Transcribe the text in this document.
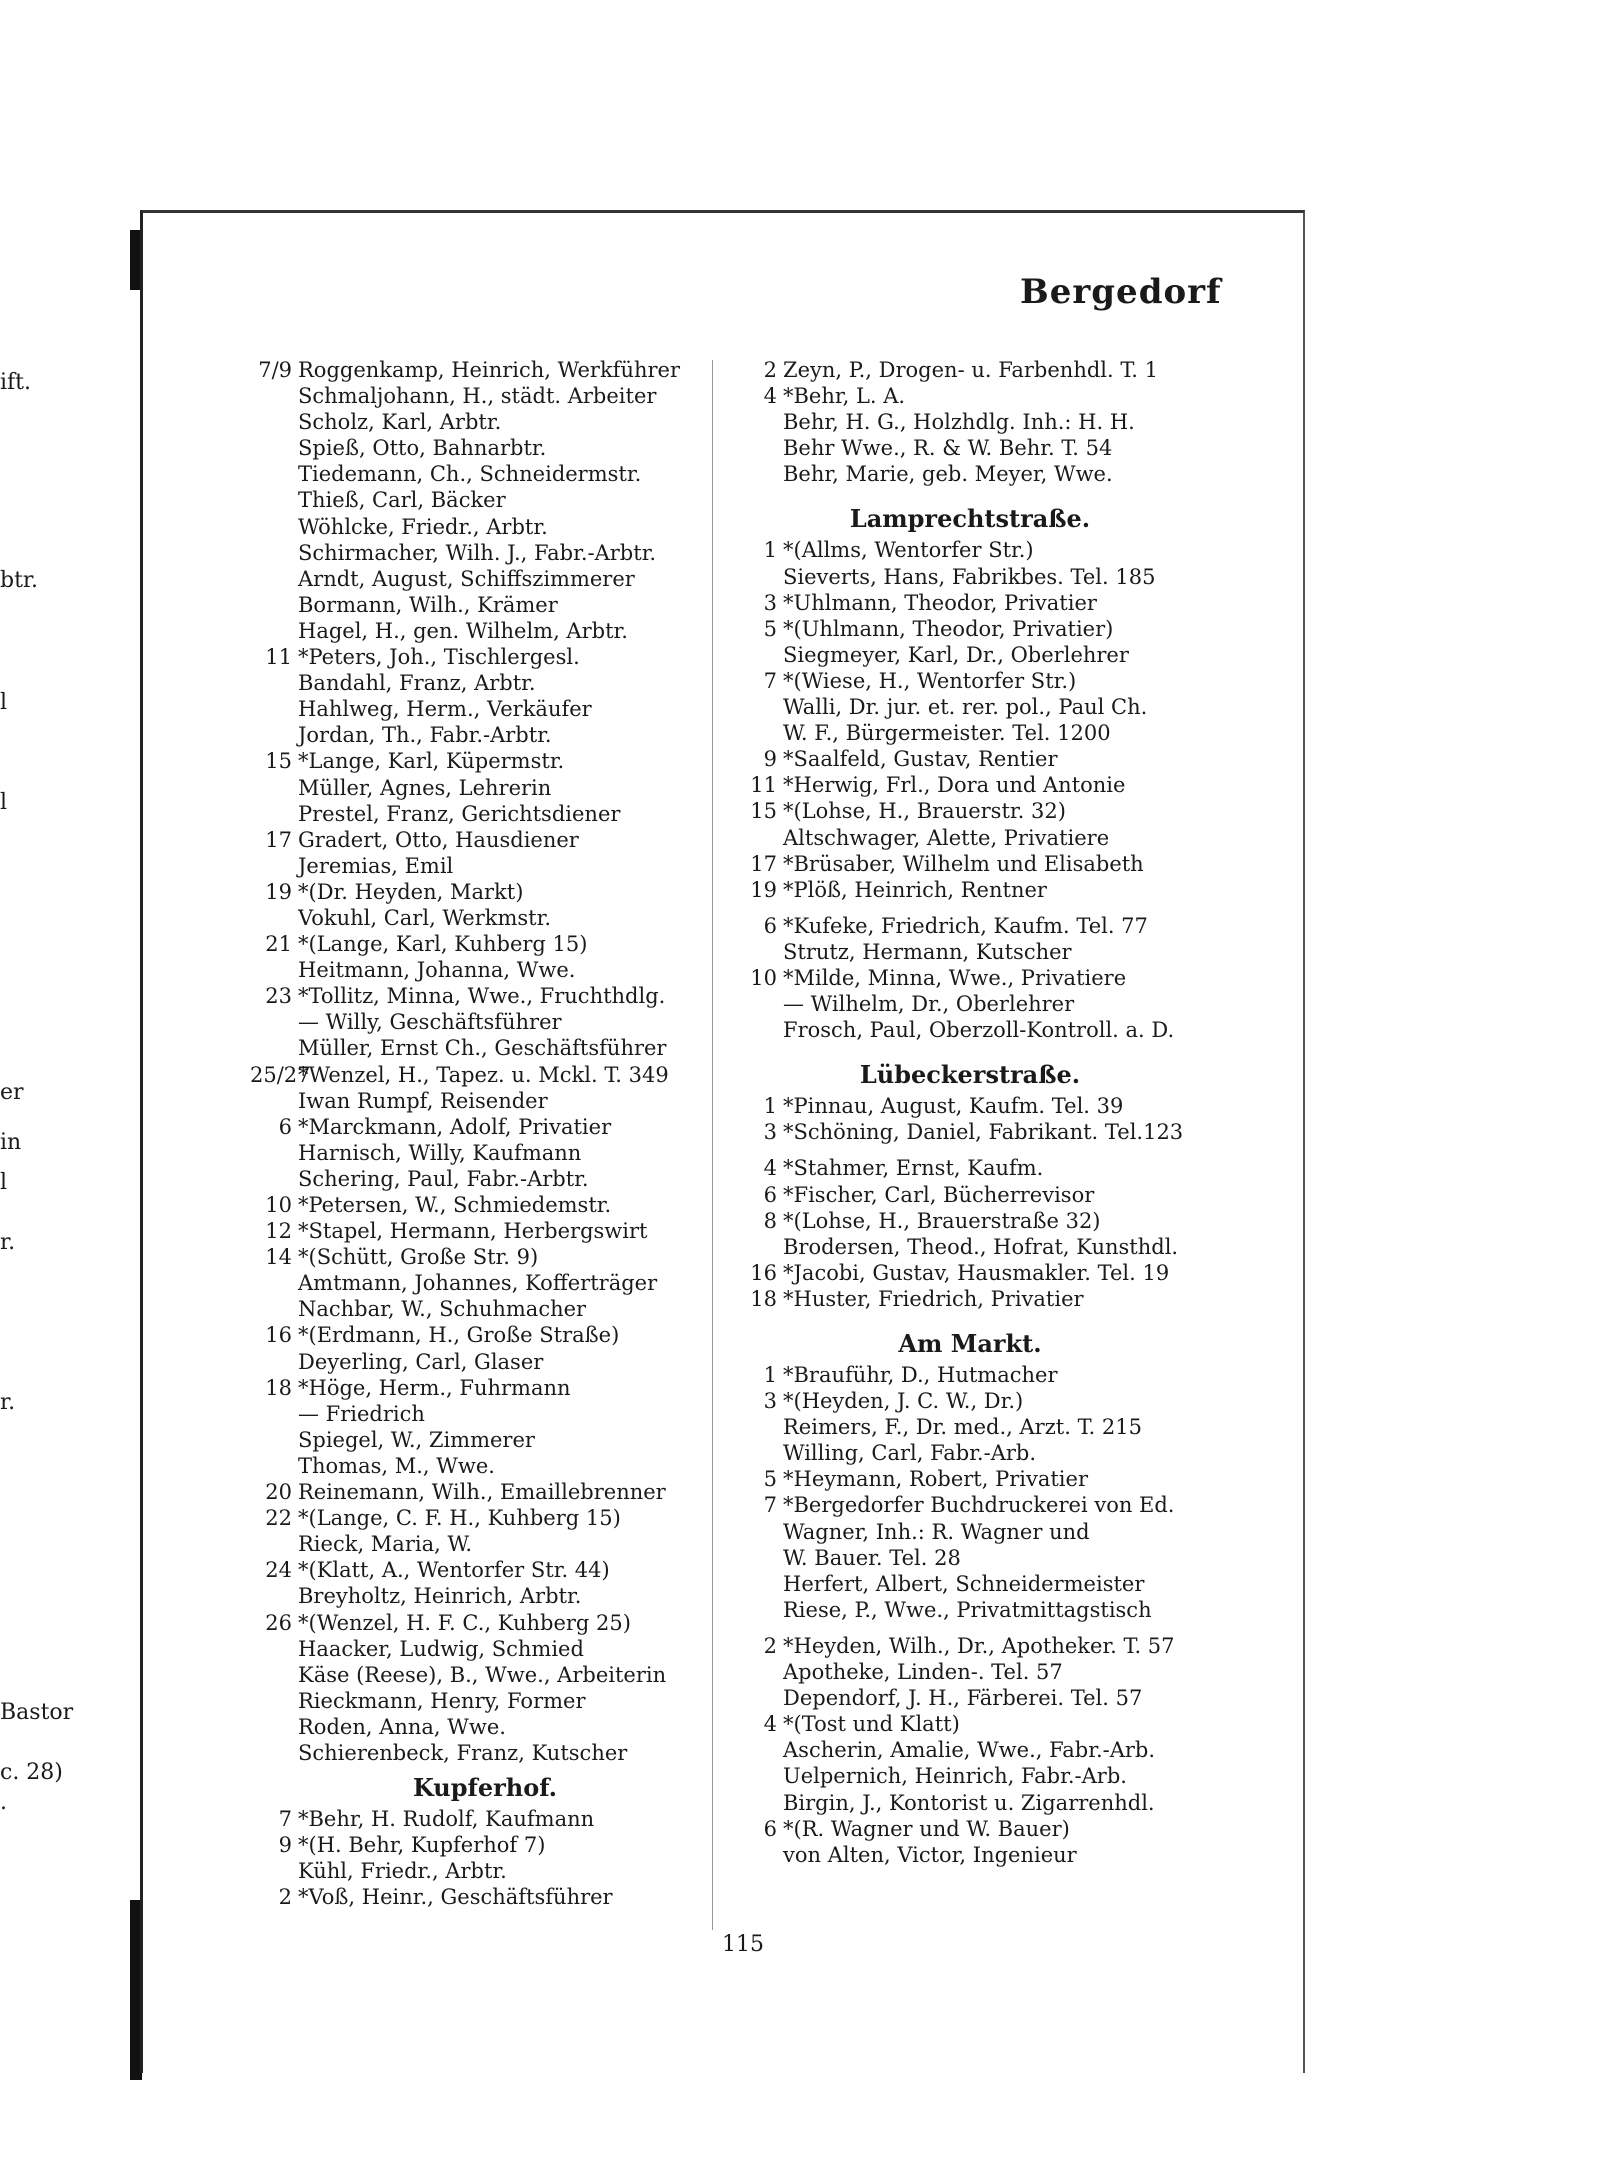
ift.
btr.
l
l
er
in
l
r.
r.
Bastor
c. 28)
.
Bergedorf
7/9 Roggenkamp, Heinrich, Werkführer
Schmaljohann, H., städt. Arbeiter
Scholz, Karl, Arbtr.
Spieß, Otto, Bahnarbtr.
Tiedemann, Ch., Schneidermstr.
Thieß, Carl, Bäcker
Wöhlcke, Friedr., Arbtr.
Schirmacher, Wilh. J., Fabr.-Arbtr.
Arndt, August, Schiffszimmerer
Bormann, Wilh., Krämer
Hagel, H., gen. Wilhelm, Arbtr.
11 *Peters, Joh., Tischlergesl.
Bandahl, Franz, Arbtr.
Hahlweg, Herm., Verkäufer
Jordan, Th., Fabr.-Arbtr.
15 *Lange, Karl, Küpermstr.
Müller, Agnes, Lehrerin
Prestel, Franz, Gerichtsdiener
17 Gradert, Otto, Hausdiener
Jeremias, Emil
19 *(Dr. Heyden, Markt)
Vokuhl, Carl, Werkmstr.
21 *(Lange, Karl, Kuhberg 15)
Heitmann, Johanna, Wwe.
23 *Tollitz, Minna, Wwe., Fruchthdlg.
— Willy, Geschäftsführer
Müller, Ernst Ch., Geschäftsführer
25/27
*Wenzel, H., Tapez. u. Mckl. T. 349
Iwan Rumpf, Reisender
6 *Marckmann, Adolf, Privatier
Harnisch, Willy, Kaufmann
Schering, Paul, Fabr.-Arbtr.
10 *Petersen, W., Schmiedemstr.
12 *Stapel, Hermann, Herbergswirt
14 *(Schütt, Große Str. 9)
Amtmann, Johannes, Kofferträger
Nachbar, W., Schuhmacher
16 *(Erdmann, H., Große Straße)
Deyerling, Carl, Glaser
18 *Höge, Herm., Fuhrmann
— Friedrich
Spiegel, W., Zimmerer
Thomas, M., Wwe.
20 Reinemann, Wilh., Emaillebrenner
22 *(Lange, C. F. H., Kuhberg 15)
Rieck, Maria, W.
24 *(Klatt, A., Wentorfer Str. 44)
Breyholtz, Heinrich, Arbtr.
26 *(Wenzel, H. F. C., Kuhberg 25)
Haacker, Ludwig, Schmied
Käse (Reese), B., Wwe., Arbeiterin
Rieckmann, Henry, Former
Roden, Anna, Wwe.
Schierenbeck, Franz, Kutscher
Kupferhof.
7 *Behr, H. Rudolf, Kaufmann
9 *(H. Behr, Kupferhof 7)
Kühl, Friedr., Arbtr.
2 *Voß, Heinr., Geschäftsführer
2 Zeyn, P., Drogen- u. Farbenhdl. T. 1
4 *Behr, L. A.
Behr, H. G., Holzhdlg. Inh.: H. H.
Behr Wwe., R. & W. Behr. T. 54
Behr, Marie, geb. Meyer, Wwe.
Lamprechtstraße.
1 *(Allms, Wentorfer Str.)
Sieverts, Hans, Fabrikbes. Tel. 185
3 *Uhlmann, Theodor, Privatier
5 *(Uhlmann, Theodor, Privatier)
Siegmeyer, Karl, Dr., Oberlehrer
7 *(Wiese, H., Wentorfer Str.)
Walli, Dr. jur. et. rer. pol., Paul Ch.
W. F., Bürgermeister. Tel. 1200
9 *Saalfeld, Gustav, Rentier
11 *Herwig, Frl., Dora und Antonie
15 *(Lohse, H., Brauerstr. 32)
Altschwager, Alette, Privatiere
17 *Brüsaber, Wilhelm und Elisabeth
19 *Plöß, Heinrich, Rentner
6 *Kufeke, Friedrich, Kaufm. Tel. 77
Strutz, Hermann, Kutscher
10 *Milde, Minna, Wwe., Privatiere
— Wilhelm, Dr., Oberlehrer
Frosch, Paul, Oberzoll-Kontroll. a. D.
Lübeckerstraße.
1 *Pinnau, August, Kaufm. Tel. 39
3 *Schöning, Daniel, Fabrikant. Tel.123
4 *Stahmer, Ernst, Kaufm.
6 *Fischer, Carl, Bücherrevisor
8 *(Lohse, H., Brauerstraße 32)
Brodersen, Theod., Hofrat, Kunsthdl.
16 *Jacobi, Gustav, Hausmakler. Tel. 19
18 *Huster, Friedrich, Privatier
Am Markt.
1 *Brauführ, D., Hutmacher
3 *(Heyden, J. C. W., Dr.)
Reimers, F., Dr. med., Arzt. T. 215
Willing, Carl, Fabr.-Arb.
5 *Heymann, Robert, Privatier
7 *Bergedorfer Buchdruckerei von Ed.
Wagner, Inh.: R. Wagner und
W. Bauer. Tel. 28
Herfert, Albert, Schneidermeister
Riese, P., Wwe., Privatmittagstisch
2 *Heyden, Wilh., Dr., Apotheker. T. 57
Apotheke, Linden-. Tel. 57
Dependorf, J. H., Färberei. Tel. 57
4 *(Tost und Klatt)
Ascherin, Amalie, Wwe., Fabr.-Arb.
Uelpernich, Heinrich, Fabr.-Arb.
Birgin, J., Kontorist u. Zigarrenhdl.
6 *(R. Wagner und W. Bauer)
von Alten, Victor, Ingenieur
115
